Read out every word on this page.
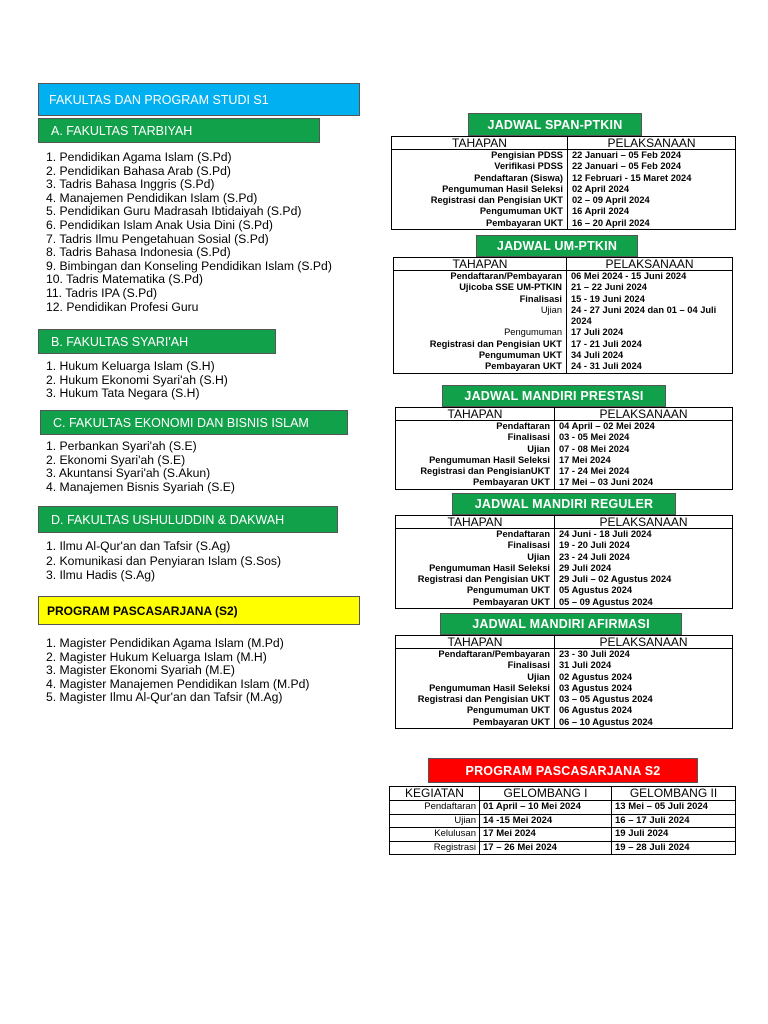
FAKULTAS DAN PROGRAM STUDI S1
A. FAKULTAS TARBIYAH
1. Pendidikan Agama Islam (S.Pd)
2. Pendidikan Bahasa Arab (S.Pd)
3. Tadris Bahasa Inggris (S.Pd)
4. Manajemen Pendidikan Islam (S.Pd)
5. Pendidikan Guru Madrasah Ibtidaiyah (S.Pd)
6. Pendidikan Islam Anak Usia Dini (S.Pd)
7. Tadris Ilmu Pengetahuan Sosial (S.Pd)
8. Tadris Bahasa Indonesia (S.Pd)
9. Bimbingan dan Konseling Pendidikan Islam (S.Pd)
10. Tadris Matematika (S.Pd)
11. Tadris IPA (S.Pd)
12. Pendidikan Profesi Guru
B. FAKULTAS SYARI'AH
1. Hukum Keluarga Islam (S.H)
2. Hukum Ekonomi Syari'ah (S.H)
3. Hukum Tata Negara (S.H)
C. FAKULTAS EKONOMI DAN BISNIS ISLAM
1. Perbankan Syari'ah (S.E)
2. Ekonomi Syari'ah (S.E)
3. Akuntansi Syari'ah (S.Akun)
4. Manajemen Bisnis Syariah (S.E)
D. FAKULTAS USHULUDDIN & DAKWAH
1. Ilmu Al-Qur'an dan Tafsir (S.Ag)
2. Komunikasi dan Penyiaran Islam (S.Sos)
3. Ilmu Hadis (S.Ag)
PROGRAM PASCASARJANA (S2)
1. Magister Pendidikan Agama Islam (M.Pd)
2. Magister Hukum Keluarga Islam (M.H)
3. Magister Ekonomi Syariah (M.E)
4. Magister Manajemen Pendidikan Islam (M.Pd)
5. Magister Ilmu Al-Qur'an dan Tafsir (M.Ag)
JADWAL SPAN-PTKIN
TAHAPAN	PELAKSANAAN
Pengisian PDSS	22 Januari – 05 Feb 2024
Verifikasi PDSS	22 Januari – 05 Feb 2024
Pendaftaran (Siswa)	12 Februari - 15 Maret 2024
Pengumuman Hasil Seleksi	02 April 2024
Registrasi dan Pengisian UKT	02 – 09 April 2024
Pengumuman UKT	16 April 2024
Pembayaran UKT	16 – 20 April 2024
JADWAL UM-PTKIN
TAHAPAN	PELAKSANAAN
Pendaftaran/Pembayaran	06 Mei 2024 - 15 Juni 2024
Ujicoba SSE UM-PTKIN	21 – 22 Juni 2024
Finalisasi	15 - 19 Juni 2024
Ujian	24 - 27 Juni 2024 dan 01 – 04 Juli 2024
Pengumuman	17 Juli 2024
Registrasi dan Pengisian UKT	17 - 21 Juli 2024
Pengumuman UKT	34 Juli 2024
Pembayaran UKT	24 - 31 Juli 2024
JADWAL MANDIRI PRESTASI
TAHAPAN	PELAKSANAAN
Pendaftaran	04 April – 02 Mei 2024
Finalisasi	03 - 05 Mei 2024
Ujian	07 - 08 Mei 2024
Pengumuman Hasil Seleksi	17 Mei 2024
Registrasi dan PengisianUKT	17 - 24 Mei 2024
Pembayaran UKT	17 Mei – 03 Juni 2024
JADWAL MANDIRI REGULER
TAHAPAN	PELAKSANAAN
Pendaftaran	24 Juni - 18 Juli 2024
Finalisasi	19 - 20 Juli 2024
Ujian	23 - 24 Juli 2024
Pengumuman Hasil Seleksi	29 Juli 2024
Registrasi dan Pengisian UKT	29 Juli – 02 Agustus 2024
Pengumuman UKT	05 Agustus 2024
Pembayaran UKT	05 – 09 Agustus 2024
JADWAL MANDIRI AFIRMASI
TAHAPAN	PELAKSANAAN
Pendaftaran/Pembayaran	23 - 30 Juli 2024
Finalisasi	31 Juli 2024
Ujian	02 Agustus 2024
Pengumuman Hasil Seleksi	03 Agustus 2024
Registrasi dan Pengisian UKT	03 – 05 Agustus 2024
Pengumuman UKT	06 Agustus 2024
Pembayaran UKT	06 – 10 Agustus 2024
PROGRAM PASCASARJANA S2
KEGIATAN	GELOMBANG I	GELOMBANG II
Pendaftaran	01 April – 10 Mei 2024	13 Mei – 05 Juli 2024
Ujian	14 -15 Mei 2024	16 – 17 Juli 2024
Kelulusan	17 Mei 2024	19 Juli 2024
Registrasi	17 – 26 Mei 2024	19 – 28 Juli 2024
